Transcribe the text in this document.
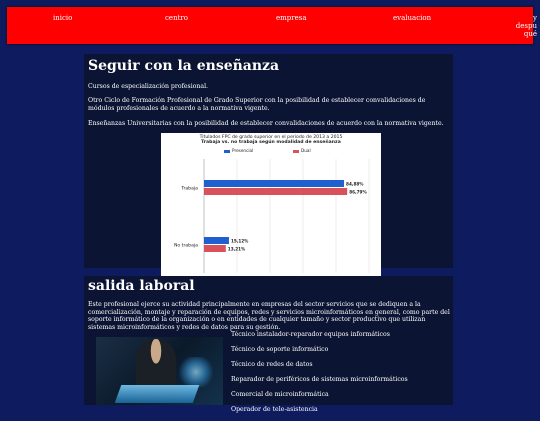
inicio	centro	empresa	evaluacion	y
despu
qué
Seguir con la enseñanza

Cursos de especialización profesional.

Otro Ciclo de Formación Profesional de Grado Superior con la posibilidad de establecer convalidaciones de módulos profesionales de acuerdo a la normativa vigente.

Enseñanzas Universitarias con la posibilidad de establecer convalidaciones de acuerdo con la normativa vigente.

Titulados FPC de grado superior en el periodo de 2013 a 2015
Trabaja vs. no trabaja según modalidad de enseñanza
Presencial	Dual
Trabaja
84,88%
86,79%
No trabaja
15,12%
13,21%
salida laboral

Este profesional ejerce su actividad principalmente en empresas del sector servicios que se dediquen a la comercialización, montaje y reparación de equipos, redes y servicios microinformáticos en general, como parte del soporte informático de la organización o en entidades de cualquier tamaño y sector productivo que utilizan sistemas microinformáticos y redes de datos para su gestión.

Técnico instalador-reparador equipos informáticos
Técnico de soporte informático
Técnico de redes de datos
Reparador de periféricos de sistemas microinformáticos
Comercial de microinformática
Operador de tele-asistencia
